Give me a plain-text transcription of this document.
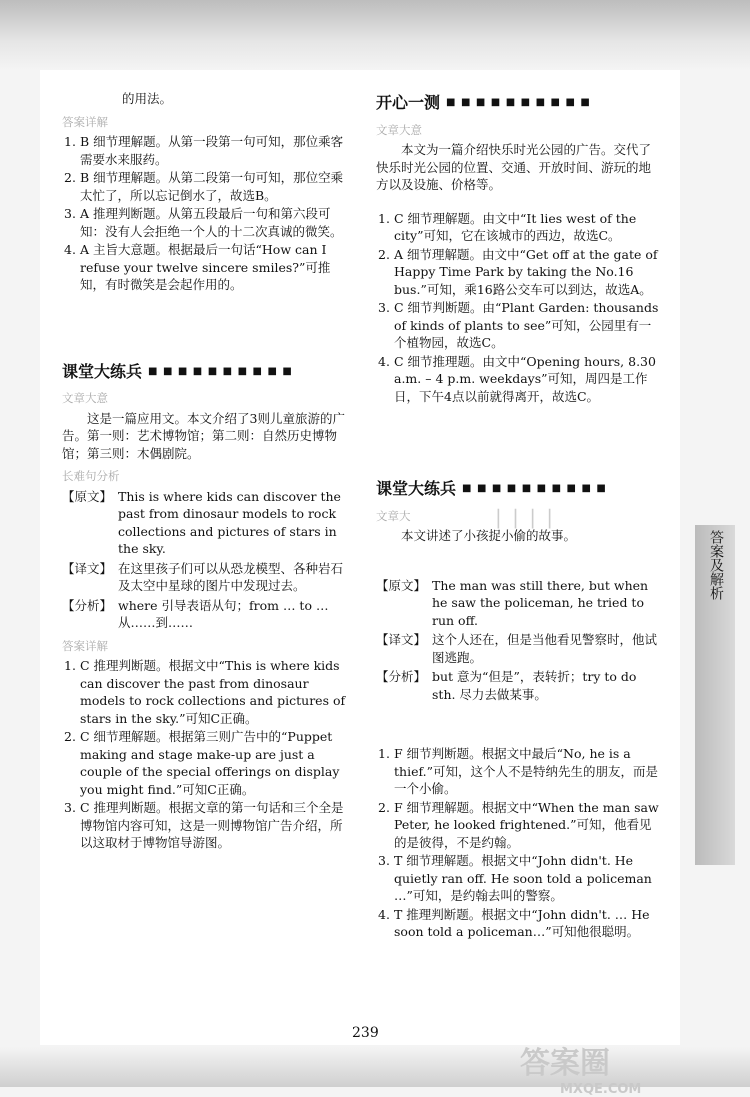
的用法。
答案详解
1. B 细节理解题。从第一段第一句可知，那位乘客需要水来服药。
2. B 细节理解题。从第二段第一句可知，那位空乘太忙了，所以忘记倒水了，故选B。
3. A 推理判断题。从第五段最后一句和第六段可知：没有人会拒绝一个人的十二次真诚的微笑。
4. A 主旨大意题。根据最后一句话“How can I refuse your twelve sincere smiles?”可推知，有时微笑是会起作用的。
课堂大练兵 ■ ■ ■ ■ ■ ■ ■ ■ ■ ■
文章大意
这是一篇应用文。本文介绍了3则儿童旅游的广告。第一则：艺术博物馆；第二则：自然历史博物馆；第三则：木偶剧院。
长难句分析
【原文】 This is where kids can discover the past from dinosaur models to rock collections and pictures of stars in the sky.
【译文】 在这里孩子们可以从恐龙模型、各种岩石及太空中星球的图片中发现过去。
【分析】 where 引导表语从句；from … to … 从……到……
答案详解
1. C 推理判断题。根据文中“This is where kids can discover the past from dinosaur models to rock collections and pictures of stars in the sky.”可知C正确。
2. C 细节理解题。根据第三则广告中的“Puppet making and stage make-up are just a couple of the special offerings on display you might find.”可知C正确。
3. C 推理判断题。根据文章的第一句话和三个全是博物馆内容可知，这是一则博物馆广告介绍，所以这取材于博物馆导游图。
开心一测 ■ ■ ■ ■ ■ ■ ■ ■ ■ ■
文章大意
本文为一篇介绍快乐时光公园的广告。交代了快乐时光公园的位置、交通、开放时间、游玩的地方以及设施、价格等。
1. C 细节理解题。由文中“It lies west of the city”可知，它在该城市的西边，故选C。
2. A 细节理解题。由文中“Get off at the gate of Happy Time Park by taking the No.16 bus.”可知，乘16路公交车可以到达，故选A。
3. C 细节判断题。由“Plant Garden: thousands of kinds of plants to see”可知，公园里有一个植物园，故选C。
4. C 细节推理题。由文中“Opening hours, 8.30 a.m. – 4 p.m. weekdays”可知，周四是工作日，下午4点以前就得离开，故选C。
课堂大练兵 ■ ■ ■ ■ ■ ■ ■ ■ ■ ■
文章大
本文讲述了小孩捉小偷的故事。
【原文】 The man was still there, but when he saw the policeman, he tried to run off.
【译文】 这个人还在，但是当他看见警察时，他试图逃跑。
【分析】 but 意为“但是”，表转折；try to do sth. 尽力去做某事。
1. F 细节判断题。根据文中最后“No, he is a thief.”可知，这个人不是特纳先生的朋友，而是一个小偷。
2. F 细节理解题。根据文中“When the man saw Peter, he looked frightened.”可知，他看见的是彼得，不是约翰。
3. T 细节理解题。根据文中“John didn't. He quietly ran off. He soon told a policeman …”可知，是约翰去叫的警察。
4. T 推理判断题。根据文中“John didn't. … He soon told a policeman…”可知他很聪明。
| | | |
答案及解析
239
答案圈
MXQE.COM
